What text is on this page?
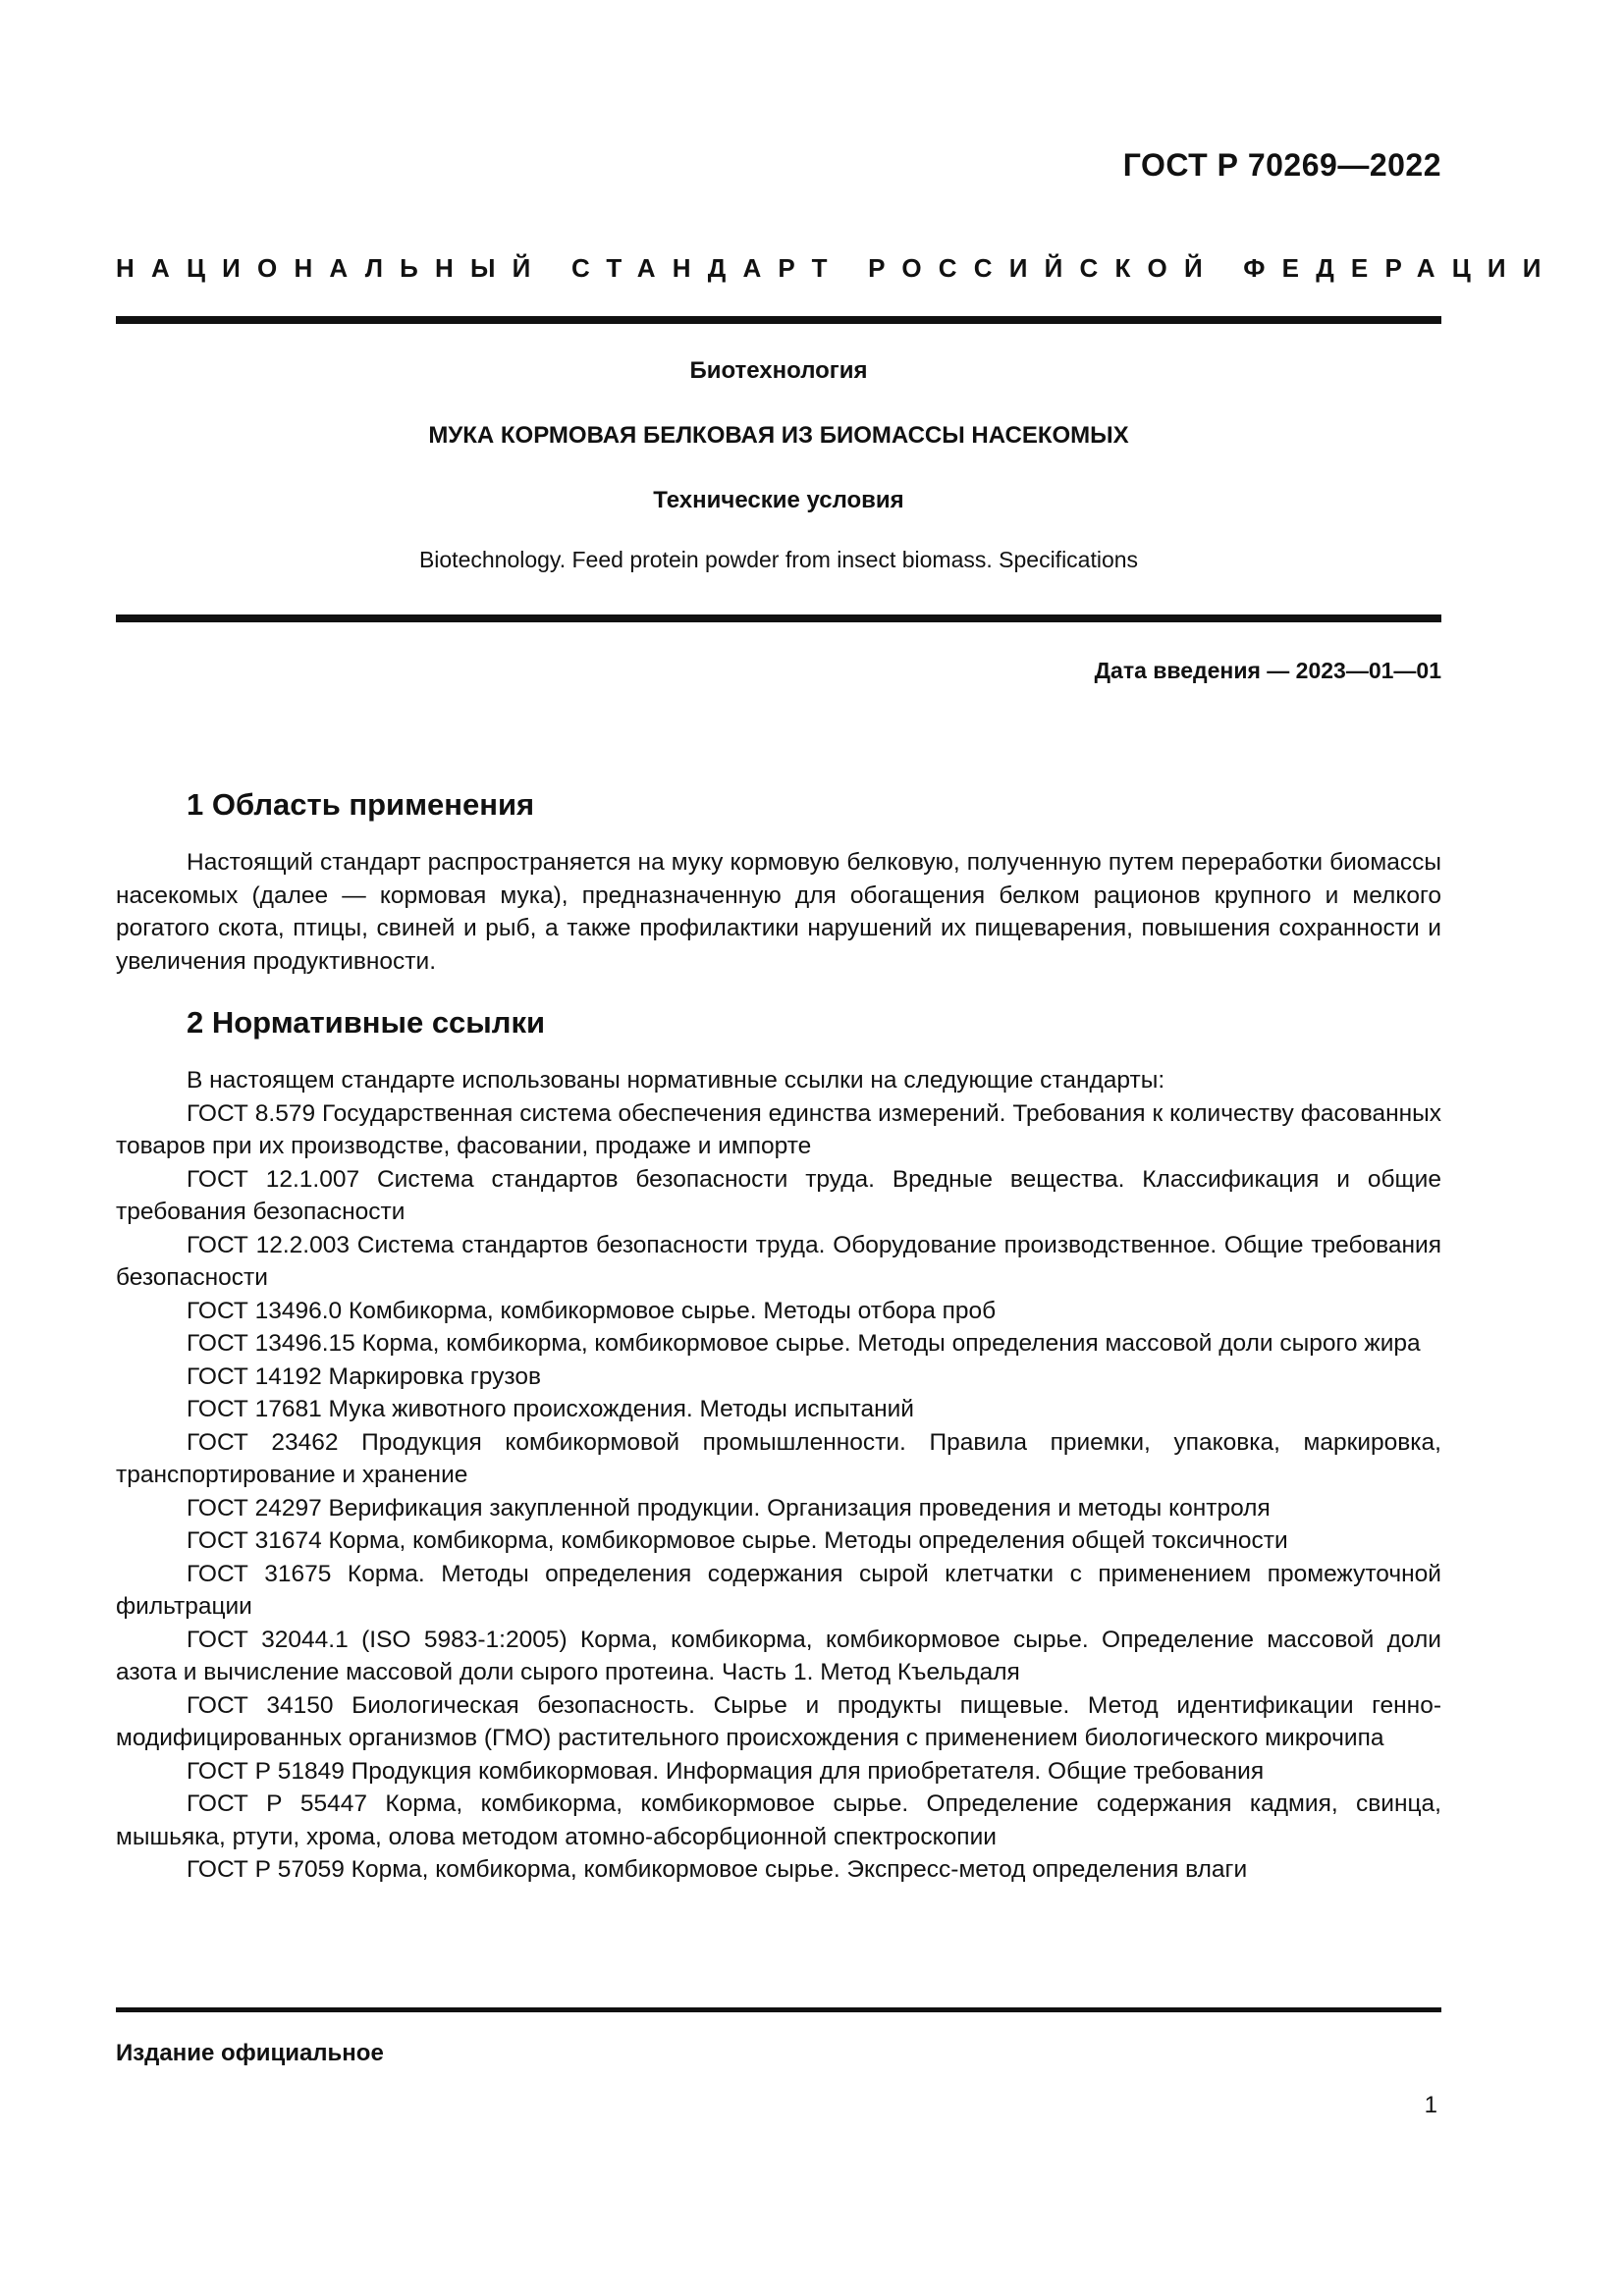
ГОСТ Р 70269—2022
НАЦИОНАЛЬНЫЙ СТАНДАРТ РОССИЙСКОЙ ФЕДЕРАЦИИ
Биотехнология
МУКА КОРМОВАЯ БЕЛКОВАЯ ИЗ БИОМАССЫ НАСЕКОМЫХ
Технические условия
Biotechnology. Feed protein powder from insect biomass. Specifications
Дата введения — 2023—01—01
1 Область применения

Настоящий стандарт распространяется на муку кормовую белковую, полученную путем переработки биомассы насекомых (далее — кормовая мука), предназначенную для обогащения белком рационов крупного и мелкого рогатого скота, птицы, свиней и рыб, а также профилактики нарушений их пищеварения, повышения сохранности и увеличения продуктивности.

2 Нормативные ссылки

В настоящем стандарте использованы нормативные ссылки на следующие стандарты:

ГОСТ 8.579 Государственная система обеспечения единства измерений. Требования к количеству фасованных товаров при их производстве, фасовании, продаже и импорте

ГОСТ 12.1.007 Система стандартов безопасности труда. Вредные вещества. Классификация и общие требования безопасности

ГОСТ 12.2.003 Система стандартов безопасности труда. Оборудование производственное. Общие требования безопасности

ГОСТ 13496.0 Комбикорма, комбикормовое сырье. Методы отбора проб

ГОСТ 13496.15 Корма, комбикорма, комбикормовое сырье. Методы определения массовой доли сырого жира

ГОСТ 14192 Маркировка грузов

ГОСТ 17681 Мука животного происхождения. Методы испытаний

ГОСТ 23462 Продукция комбикормовой промышленности. Правила приемки, упаковка, маркировка, транспортирование и хранение

ГОСТ 24297 Верификация закупленной продукции. Организация проведения и методы контроля

ГОСТ 31674 Корма, комбикорма, комбикормовое сырье. Методы определения общей токсичности

ГОСТ 31675 Корма. Методы определения содержания сырой клетчатки с применением промежуточной фильтрации

ГОСТ 32044.1 (ISO 5983-1:2005) Корма, комбикорма, комбикормовое сырье. Определение массовой доли азота и вычисление массовой доли сырого протеина. Часть 1. Метод Къельдаля

ГОСТ 34150 Биологическая безопасность. Сырье и продукты пищевые. Метод идентификации генно-модифицированных организмов (ГМО) растительного происхождения с применением биологического микрочипа

ГОСТ Р 51849 Продукция комбикормовая. Информация для приобретателя. Общие требования

ГОСТ Р 55447 Корма, комбикорма, комбикормовое сырье. Определение содержания кадмия, свинца, мышьяка, ртути, хрома, олова методом атомно-абсорбционной спектроскопии

ГОСТ Р 57059 Корма, комбикорма, комбикормовое сырье. Экспресс-метод определения влаги

Издание официальное
1
